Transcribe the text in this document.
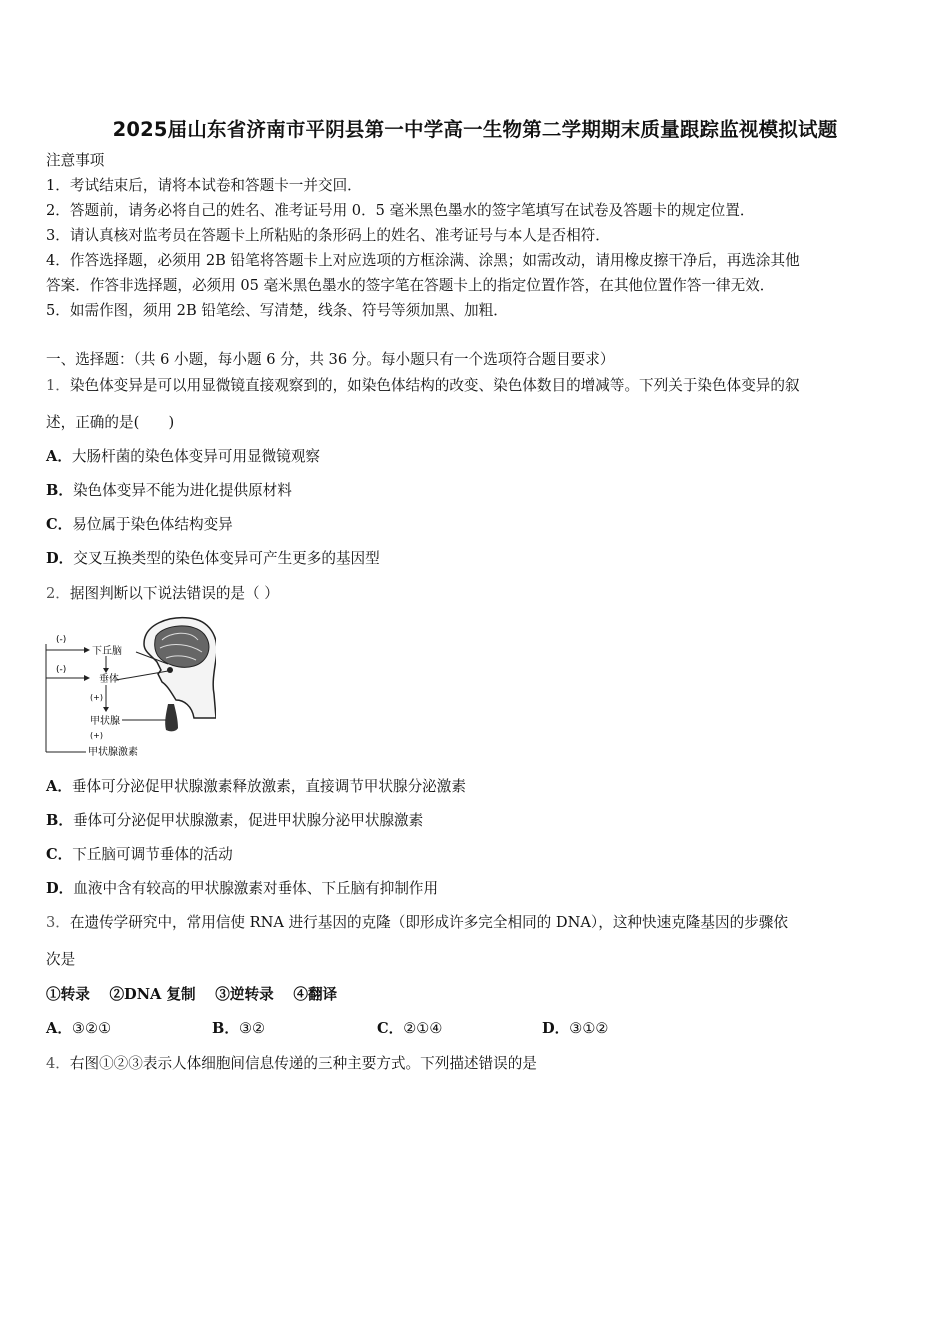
2025届山东省济南市平阴县第一中学高一生物第二学期期末质量跟踪监视模拟试题
注意事项
1．考试结束后，请将本试卷和答题卡一并交回．
2．答题前，请务必将自己的姓名、准考证号用 0．5 毫米黑色墨水的签字笔填写在试卷及答题卡的规定位置．
3．请认真核对监考员在答题卡上所粘贴的条形码上的姓名、准考证号与本人是否相符．
4．作答选择题，必须用 2B 铅笔将答题卡上对应选项的方框涂满、涂黑；如需改动，请用橡皮擦干净后，再选涂其他
答案．作答非选择题，必须用 05 毫米黑色墨水的签字笔在答题卡上的指定位置作答，在其他位置作答一律无效．
5．如需作图，须用 2B 铅笔绘、写清楚，线条、符号等须加黑、加粗．
一、选择题：（共 6 小题，每小题 6 分，共 36 分。每小题只有一个选项符合题目要求）
1．染色体变异是可以用显微镜直接观察到的，如染色体结构的改变、染色体数目的增减等。下列关于染色体变异的叙
述，正确的是(　　)
A．大肠杆菌的染色体变异可用显微镜观察
B．染色体变异不能为进化提供原材料
C．易位属于染色体结构变异
D．交叉互换类型的染色体变异可产生更多的基因型
2．据图判断以下说法错误的是（ ）
(-)
(-)
下丘脑
垂体
(+)
甲状腺
(+)
甲状腺激素
A．垂体可分泌促甲状腺激素释放激素，直接调节甲状腺分泌激素
B．垂体可分泌促甲状腺激素，促进甲状腺分泌甲状腺激素
C．下丘脑可调节垂体的活动
D．血液中含有较高的甲状腺激素对垂体、下丘脑有抑制作用
3．在遗传学研究中，常用信使 RNA 进行基因的克隆（即形成许多完全相同的 DNA），这种快速克隆基因的步骤依
次是
①转录　 ②DNA 复制　 ③逆转录　 ④翻译
A．③②①	B．③②	C．②①④	D．③①②
4．右图①②③表示人体细胞间信息传递的三种主要方式。下列描述错误的是
